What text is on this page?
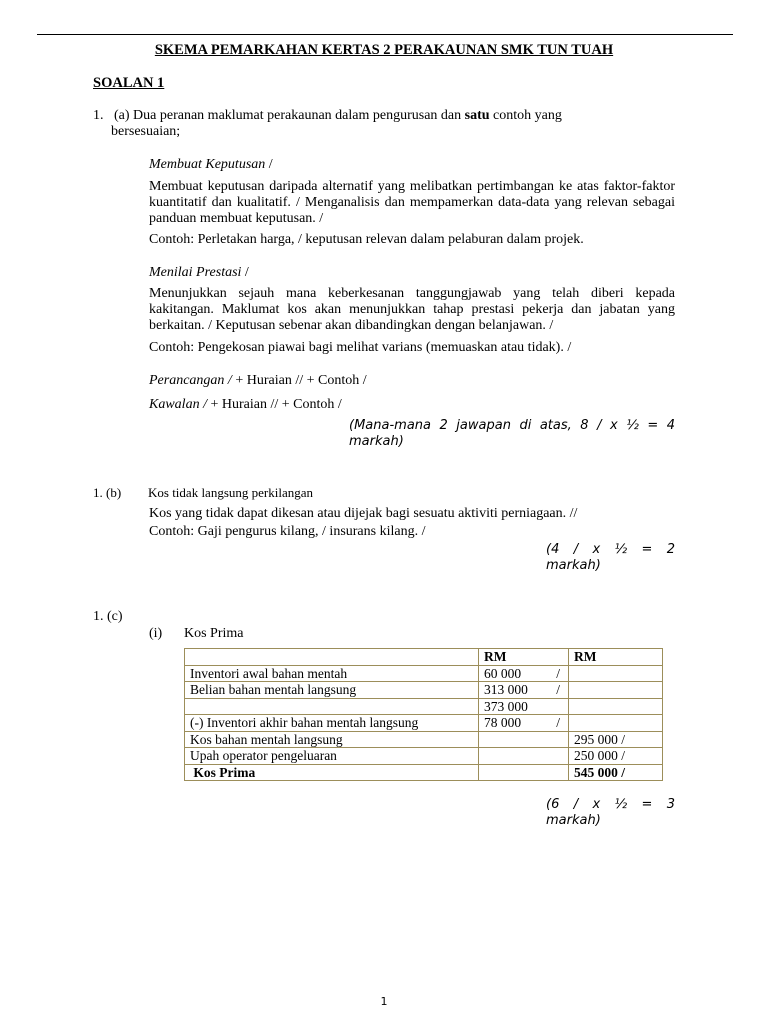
SKEMA PEMARKAHAN KERTAS 2 PERAKAUNAN SMK TUN TUAH
SOALAN 1
1. (a) Dua peranan maklumat perakaunan dalam pengurusan dan satu contoh yang
bersesuaian;
Membuat Keputusan /
Membuat keputusan daripada alternatif yang melibatkan pertimbangan ke atas faktor-faktor kuantitatif dan kualitatif. / Menganalisis dan mempamerkan data-data yang relevan sebagai panduan membuat keputusan. /
Contoh: Perletakan harga, / keputusan relevan dalam pelaburan dalam projek.
Menilai Prestasi /
Menunjukkan sejauh mana keberkesanan tanggungjawab yang telah diberi kepada kakitangan. Maklumat kos akan menunjukkan tahap prestasi pekerja dan jabatan yang berkaitan. / Keputusan sebenar akan dibandingkan dengan belanjawan. /
Contoh: Pengekosan piawai bagi melihat varians (memuaskan atau tidak). /
Perancangan / + Huraian // + Contoh /
Kawalan / + Huraian // + Contoh /
(Mana-mana 2 jawapan di atas, 8 / x ½ = 4 markah)
1. (b) Kos tidak langsung perkilangan
Kos yang tidak dapat dikesan atau dijejak bagi sesuatu aktiviti perniagaan. //
Contoh: Gaji pengurus kilang, / insurans kilang. /
(4 / x ½ = 2 markah)
1. (c)
(i) Kos Prima
	RM	RM
Inventori awal bahan mentah	60 000 /	

Belian bahan mentah langsung	313 000 /	

	373 000

(-) Inventori akhir bahan mentah langsung	78 000 /	

Kos bahan mentah langsung		295 000 /
Upah operator pengeluaran		250 000 /
Kos Prima		545 000 /
(6 / x ½ = 3 markah)
1
